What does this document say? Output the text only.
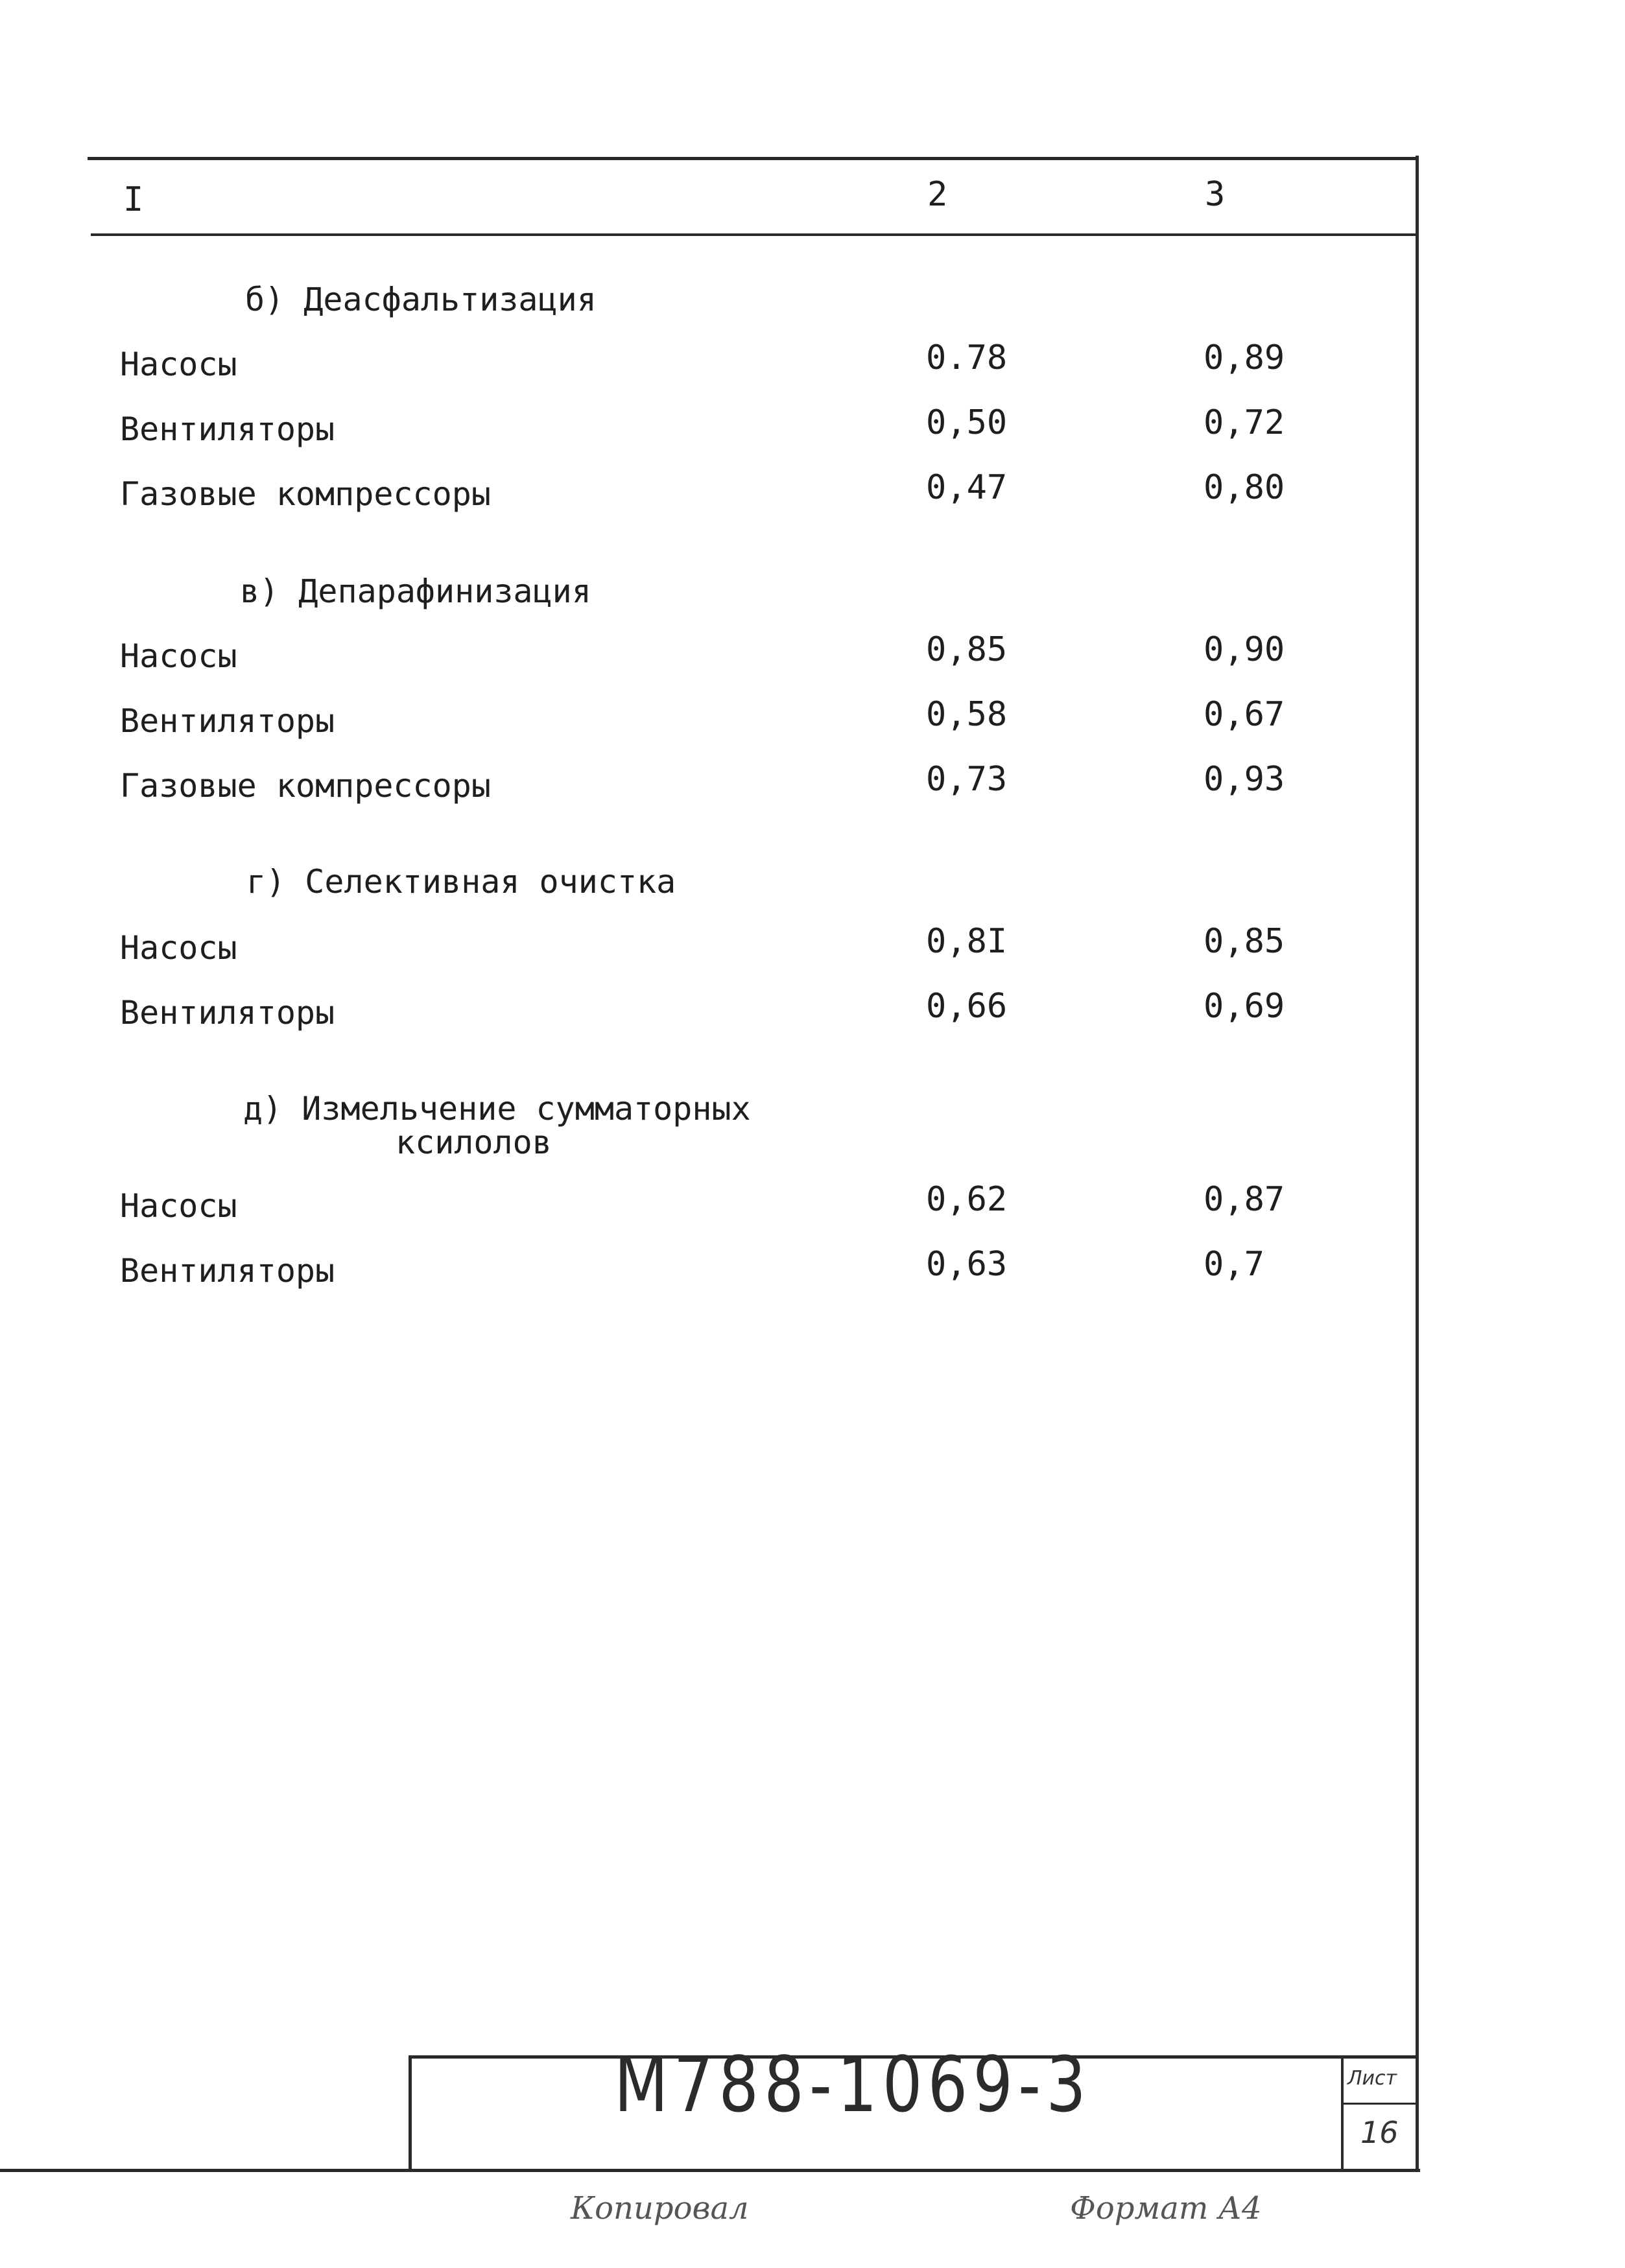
I	2	3
б) Деасфальтизация
Насосы	0.78	0,89
Вентиляторы	0,50	0,72
Газовые компрессоры	0,47	0,80
в) Депарафинизация
Насосы	0,85	0,90
Вентиляторы	0,58	0,67
Газовые компрессоры	0,73	0,93
г) Селективная очистка
Насосы	0,8I	0,85
Вентиляторы	0,66	0,69
д) Измельчение сумматорных
ксилолов
Насосы	0,62	0,87
Вентиляторы	0,63	0,7
М788-1069-3	Лист
16
Копировал	Формат А4
